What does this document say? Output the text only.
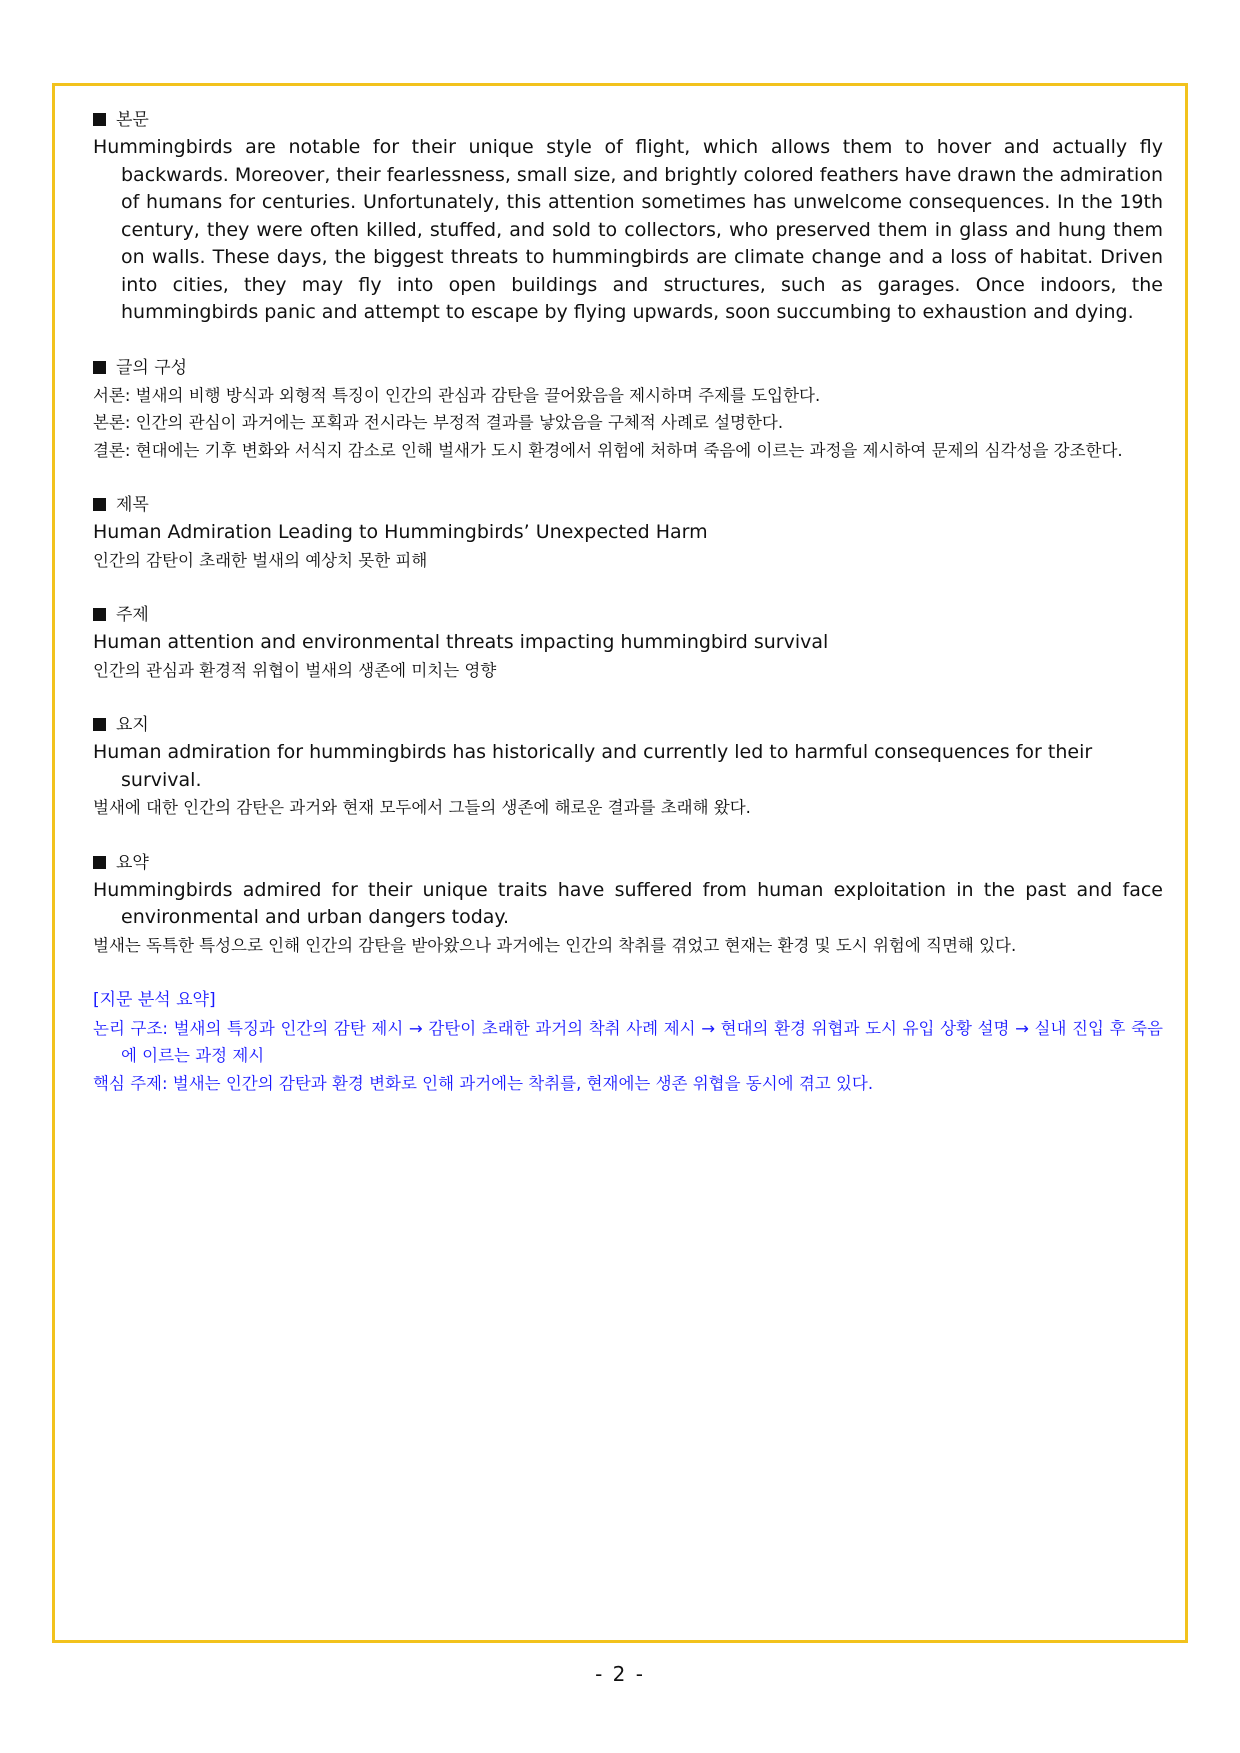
본문

Hummingbirds are notable for their unique style of flight, which allows them to hover and actually fly backwards. Moreover, their fearlessness, small size, and brightly colored feathers have drawn the admiration of humans for centuries. Unfortunately, this attention sometimes has unwelcome consequences. In the 19th century, they were often killed, stuffed, and sold to collectors, who preserved them in glass and hung them on walls. These days, the biggest threats to hummingbirds are climate change and a loss of habitat. Driven into cities, they may fly into open buildings and structures, such as garages. Once indoors, the hummingbirds panic and attempt to escape by flying upwards, soon succumbing to exhaustion and dying.

글의 구성

서론: 벌새의 비행 방식과 외형적 특징이 인간의 관심과 감탄을 끌어왔음을 제시하며 주제를 도입한다.

본론: 인간의 관심이 과거에는 포획과 전시라는 부정적 결과를 낳았음을 구체적 사례로 설명한다.

결론: 현대에는 기후 변화와 서식지 감소로 인해 벌새가 도시 환경에서 위험에 처하며 죽음에 이르는 과정을 제시하여 문제의 심각성을 강조한다.

제목

Human Admiration Leading to Hummingbirds’ Unexpected Harm

인간의 감탄이 초래한 벌새의 예상치 못한 피해

주제

Human attention and environmental threats impacting hummingbird survival

인간의 관심과 환경적 위협이 벌새의 생존에 미치는 영향

요지

Human admiration for hummingbirds has historically and currently led to harmful consequences for their survival.

벌새에 대한 인간의 감탄은 과거와 현재 모두에서 그들의 생존에 해로운 결과를 초래해 왔다.

요약

Hummingbirds admired for their unique traits have suffered from human exploitation in the past and face environmental and urban dangers today.

벌새는 독특한 특성으로 인해 인간의 감탄을 받아왔으나 과거에는 인간의 착취를 겪었고 현재는 환경 및 도시 위험에 직면해 있다.

[지문 분석 요약]

논리 구조: 벌새의 특징과 인간의 감탄 제시 → 감탄이 초래한 과거의 착취 사례 제시 → 현대의 환경 위협과 도시 유입 상황 설명 → 실내 진입 후 죽음에 이르는 과정 제시

핵심 주제: 벌새는 인간의 감탄과 환경 변화로 인해 과거에는 착취를, 현재에는 생존 위협을 동시에 겪고 있다.

- 2 -
